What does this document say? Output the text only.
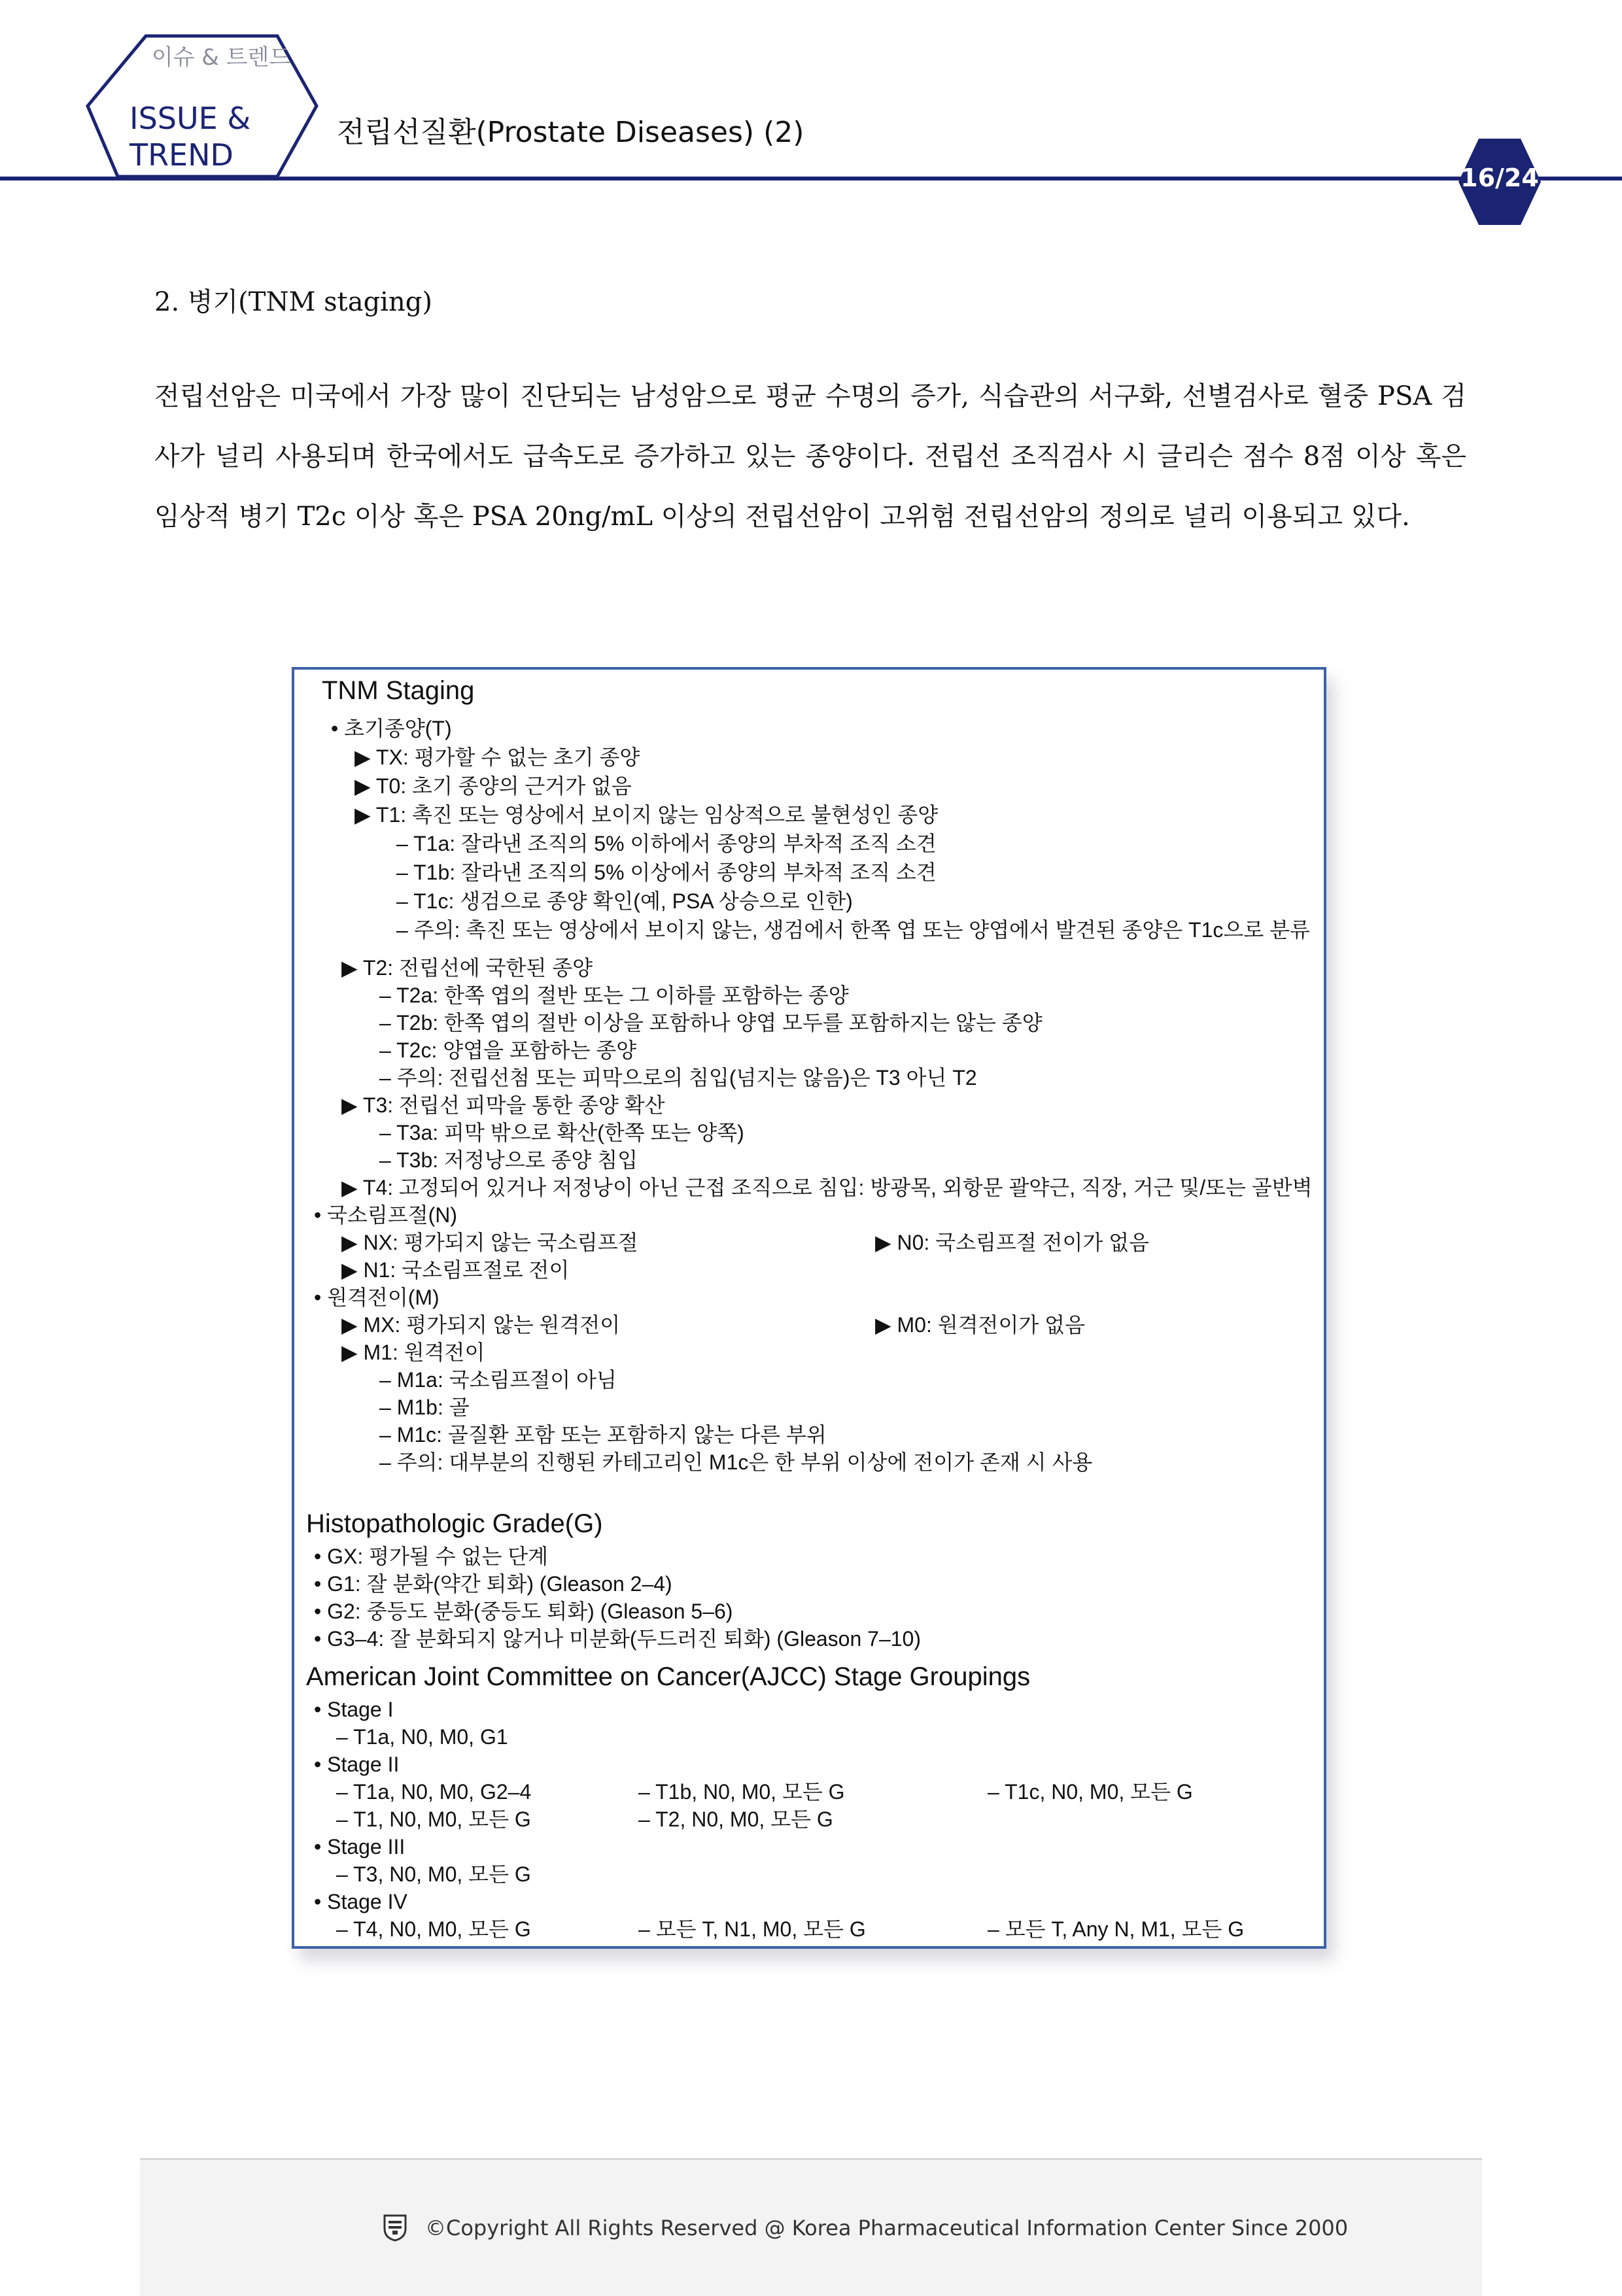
이슈 & 트렌드
ISSUE &
TREND
전립선질환(Prostate Diseases) (2)
16/24
2. 병기(TNM staging)

전립선암은 미국에서 가장 많이 진단되는 남성암으로 평균 수명의 증가, 식습관의 서구화, 선별검사로 혈중 PSA 검사가 널리 사용되며 한국에서도 급속도로 증가하고 있는 종양이다. 전립선 조직검사 시 글리슨 점수 8점 이상 혹은 임상적 병기 T2c 이상 혹은 PSA 20ng/mL 이상의 전립선암이 고위험 전립선암의 정의로 널리 이용되고 있다.

TNM Staging
• 초기종양(T)
▶ TX: 평가할 수 없는 초기 종양
▶ T0: 초기 종양의 근거가 없음
▶ T1: 촉진 또는 영상에서 보이지 않는 임상적으로 불현성인 종양
– T1a: 잘라낸 조직의 5% 이하에서 종양의 부차적 조직 소견
– T1b: 잘라낸 조직의 5% 이상에서 종양의 부차적 조직 소견
– T1c: 생검으로 종양 확인(예, PSA 상승으로 인한)
– 주의: 촉진 또는 영상에서 보이지 않는, 생검에서 한쪽 엽 또는 양엽에서 발견된 종양은 T1c으로 분류
▶ T2: 전립선에 국한된 종양
– T2a: 한쪽 엽의 절반 또는 그 이하를 포함하는 종양
– T2b: 한쪽 엽의 절반 이상을 포함하나 양엽 모두를 포함하지는 않는 종양
– T2c: 양엽을 포함하는 종양
– 주의: 전립선첨 또는 피막으로의 침입(넘지는 않음)은 T3 아닌 T2
▶ T3: 전립선 피막을 통한 종양 확산
– T3a: 피막 밖으로 확산(한쪽 또는 양쪽)
– T3b: 저정낭으로 종양 침입
▶ T4: 고정되어 있거나 저정낭이 아닌 근접 조직으로 침입: 방광목, 외항문 괄약근, 직장, 거근 및/또는 골반벽
• 국소림프절(N)
▶ NX: 평가되지 않는 국소림프절	▶ N0: 국소림프절 전이가 없음
▶ N1: 국소림프절로 전이
• 원격전이(M)
▶ MX: 평가되지 않는 원격전이	▶ M0: 원격전이가 없음
▶ M1: 원격전이
– M1a: 국소림프절이 아님
– M1b: 골
– M1c: 골질환 포함 또는 포함하지 않는 다른 부위
– 주의: 대부분의 진행된 카테고리인 M1c은 한 부위 이상에 전이가 존재 시 사용
Histopathologic Grade(G)
• GX: 평가될 수 없는 단계
• G1: 잘 분화(약간 퇴화) (Gleason 2–4)
• G2: 중등도 분화(중등도 퇴화) (Gleason 5–6)
• G3–4: 잘 분화되지 않거나 미분화(두드러진 퇴화) (Gleason 7–10)
American Joint Committee on Cancer(AJCC) Stage Groupings
• Stage I
– T1a, N0, M0, G1
• Stage II
– T1a, N0, M0, G2–4	– T1b, N0, M0, 모든 G	– T1c, N0, M0, 모든 G
– T1, N0, M0, 모든 G	– T2, N0, M0, 모든 G
• Stage III
– T3, N0, M0, 모든 G
• Stage IV
– T4, N0, M0, 모든 G	– 모든 T, N1, M0, 모든 G	– 모든 T, Any N, M1, 모든 G
©Copyright All Rights Reserved @ Korea Pharmaceutical Information Center Since 2000
